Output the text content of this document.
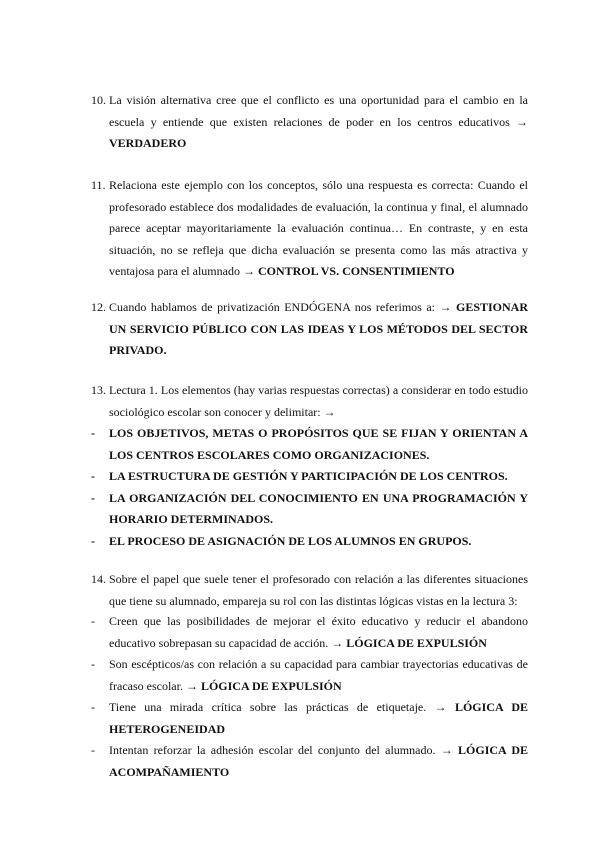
10. La visión alternativa cree que el conflicto es una oportunidad para el cambio en la escuela y entiende que existen relaciones de poder en los centros educativos → VERDADERO
11. Relaciona este ejemplo con los conceptos, sólo una respuesta es correcta: Cuando el profesorado establece dos modalidades de evaluación, la continua y final, el alumnado parece aceptar mayoritariamente la evaluación continua… En contraste, y en esta situación, no se refleja que dicha evaluación se presenta como las más atractiva y ventajosa para el alumnado → CONTROL VS. CONSENTIMIENTO
12. Cuando hablamos de privatización ENDÓGENA nos referimos a: → GESTIONAR UN SERVICIO PÚBLICO CON LAS IDEAS Y LOS MÉTODOS DEL SECTOR PRIVADO.
13. Lectura 1. Los elementos (hay varias respuestas correctas) a considerar en todo estudio sociológico escolar son conocer y delimitar: →
- LOS OBJETIVOS, METAS O PROPÓSITOS QUE SE FIJAN Y ORIENTAN A LOS CENTROS ESCOLARES COMO ORGANIZACIONES.
- LA ESTRUCTURA DE GESTIÓN Y PARTICIPACIÓN DE LOS CENTROS.
- LA ORGANIZACIÓN DEL CONOCIMIENTO EN UNA PROGRAMACIÓN Y HORARIO DETERMINADOS.
- EL PROCESO DE ASIGNACIÓN DE LOS ALUMNOS EN GRUPOS.
14. Sobre el papel que suele tener el profesorado con relación a las diferentes situaciones que tiene su alumnado, empareja su rol con las distintas lógicas vistas en la lectura 3:
- Creen que las posibilidades de mejorar el éxito educativo y reducir el abandono educativo sobrepasan su capacidad de acción. → LÓGICA DE EXPULSIÓN
- Son escépticos/as con relación a su capacidad para cambiar trayectorias educativas de fracaso escolar. → LÓGICA DE EXPULSIÓN
- Tiene una mirada crítica sobre las prácticas de etiquetaje. → LÓGICA DE HETEROGENEIDAD
- Intentan reforzar la adhesión escolar del conjunto del alumnado. → LÓGICA DE ACOMPAÑAMIENTO
